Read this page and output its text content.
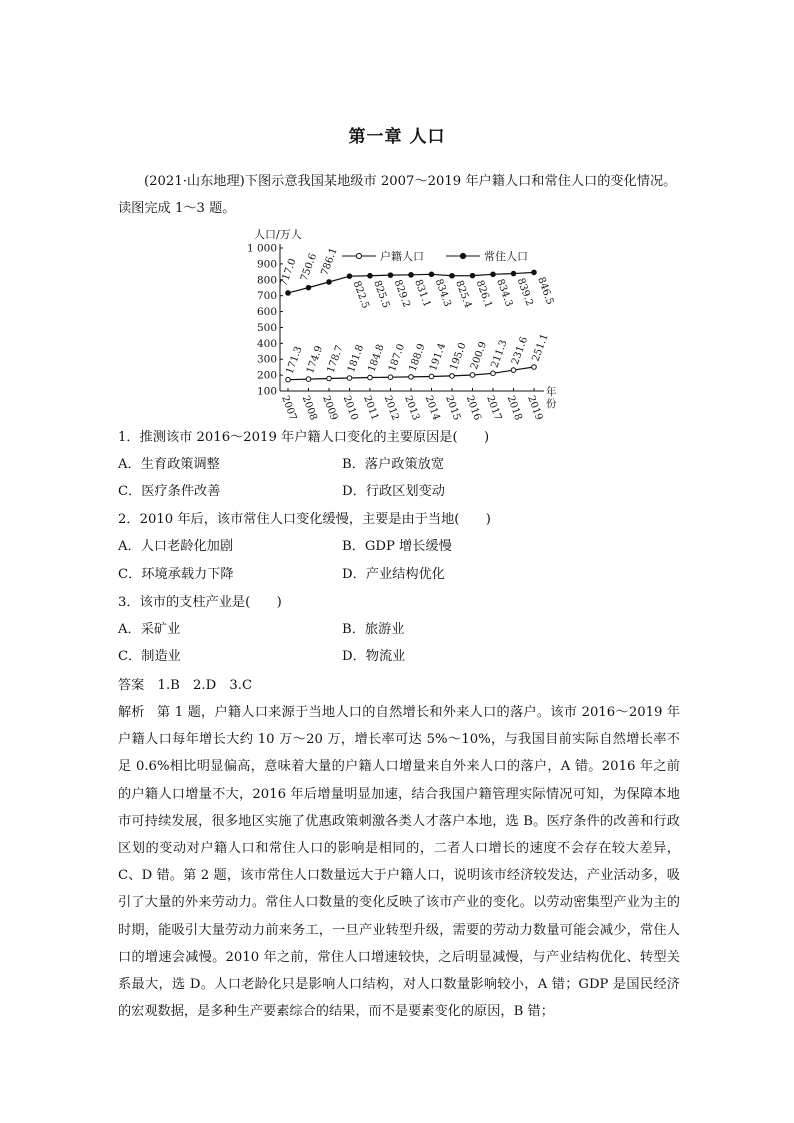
第一章 人口
(2021·山东地理)下图示意我国某地级市 2007～2019 年户籍人口和常住人口的变化情况。读图完成 1～3 题。
人口/万人
1 000
900
800
700
600
500
400
300
200
100
2007 2008 2009 2010 2011 2012 2013 2014 2015 2016 2017 2018 2019
年
份
户籍人口	常住人口
171.3 174.9 178.7 181.8 184.8 187.0 188.9 191.4 195.0 200.9 211.3 231.6 251.1
717.0 750.6 786.1
822.5 825.5 829.2 831.1 834.3 825.4 826.1 834.3 839.2 846.5
1．推测该市 2016～2019 年户籍人口变化的主要原因是(　　)
A．生育政策调整	B．落户政策放宽
C．医疗条件改善	D．行政区划变动
2．2010 年后，该市常住人口变化缓慢，主要是由于当地(　　)
A．人口老龄化加剧	B．GDP 增长缓慢
C．环境承载力下降	D．产业结构优化
3．该市的支柱产业是(　　)
A．采矿业	B．旅游业
C．制造业	D．物流业
答案　1.B　2.D　3.C
解析 第 1 题，户籍人口来源于当地人口的自然增长和外来人口的落户。该市 2016～2019 年户籍人口每年增长大约 10 万～20 万，增长率可达 5%～10%，与我国目前实际自然增长率不足 0.6%相比明显偏高，意味着大量的户籍人口增量来自外来人口的落户，A 错。2016 年之前的户籍人口增量不大，2016 年后增量明显加速，结合我国户籍管理实际情况可知，为保障本地市可持续发展，很多地区实施了优惠政策刺激各类人才落户本地，选 B。医疗条件的改善和行政区划的变动对户籍人口和常住人口的影响是相同的，二者人口增长的速度不会存在较大差异，C、D 错。第 2 题，该市常住人口数量远大于户籍人口，说明该市经济较发达，产业活动多，吸引了大量的外来劳动力。常住人口数量的变化反映了该市产业的变化。以劳动密集型产业为主的时期，能吸引大量劳动力前来务工，一旦产业转型升级，需要的劳动力数量可能会减少，常住人口的增速会减慢。2010 年之前，常住人口增速较快，之后明显减慢，与产业结构优化、转型关系最大，选 D。人口老龄化只是影响人口结构，对人口数量影响较小，A 错；GDP 是国民经济的宏观数据，是多种生产要素综合的结果，而不是要素变化的原因，B 错；
